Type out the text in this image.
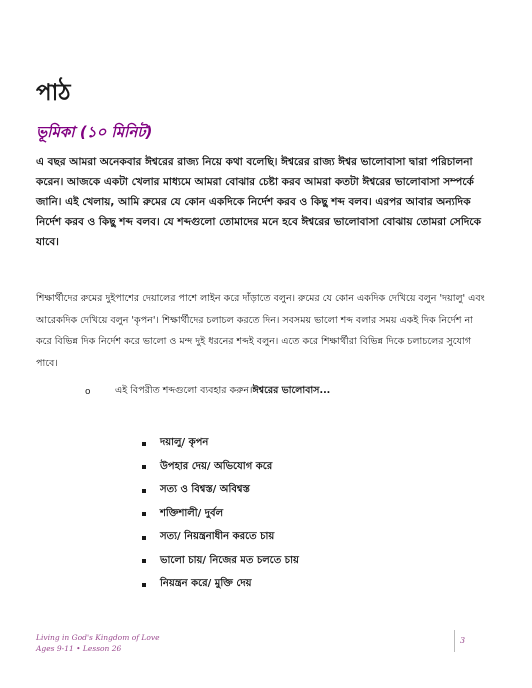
পাঠ
ভূমিকা (১০ মিনিট)

এ বছর আমরা অনেকবার ঈশ্বরের রাজ্য নিয়ে কথা বলেছি। ঈশ্বরের রাজ্য ঈশ্বর ভালোবাসা দ্বারা পরিচালনা করেন। আজকে একটা খেলার মাধ্যমে আমরা বোঝার চেষ্টা করব আমরা কতটা ঈশ্বরের ভালোবাসা সম্পর্কে জানি। এই খেলায়, আমি রুমের যে কোন একদিকে নির্দেশ করব ও কিছু শব্দ বলব। এরপর আবার অন্যদিক নির্দেশ করব ও কিছু শব্দ বলব। যে শব্দগুলো তোমাদের মনে হবে ঈশ্বরের ভালোবাসা বোঝায় তোমরা সেদিকে যাবে।

শিক্ষার্থীদের রুমের দুইপাশের দেয়ালের পাশে লাইন করে দাঁড়াতে বলুন। রুমের যে কোন একদিক দেখিয়ে বলুন 'দয়ালু' এবং আরেকদিক দেখিয়ে বলুন 'কৃপন'। শিক্ষার্থীদের চলাচল করতে দিন। সবসময় ভালো শব্দ বলার সময় একই দিক নির্দেশ না করে বিভিন্ন দিক নির্দেশ করে ভালো ও মন্দ দুই ধরনের শব্দই বলুন। এতে করে শিক্ষার্থীরা বিভিন্ন দিকে চলাচলের সুযোগ পাবে।

o	এই বিপরীত শব্দগুলো ব্যবহার করুন। ঈশ্বরের ভালোবাস...
দয়ালু/ কৃপন
উপহার দেয়/ অভিযোগ করে
সত্য ও বিশ্বস্ত/ অবিশ্বস্ত
শক্তিশালী/ দুর্বল
সত্য/ নিয়ন্ত্রনাধীন করতে চায়
ভালো চায়/ নিজের মত চলতে চায়
নিয়ন্ত্রন করে/ মুক্তি দেয়
Living in God's Kingdom of Love
Ages 9-11 • Lesson 26
3
